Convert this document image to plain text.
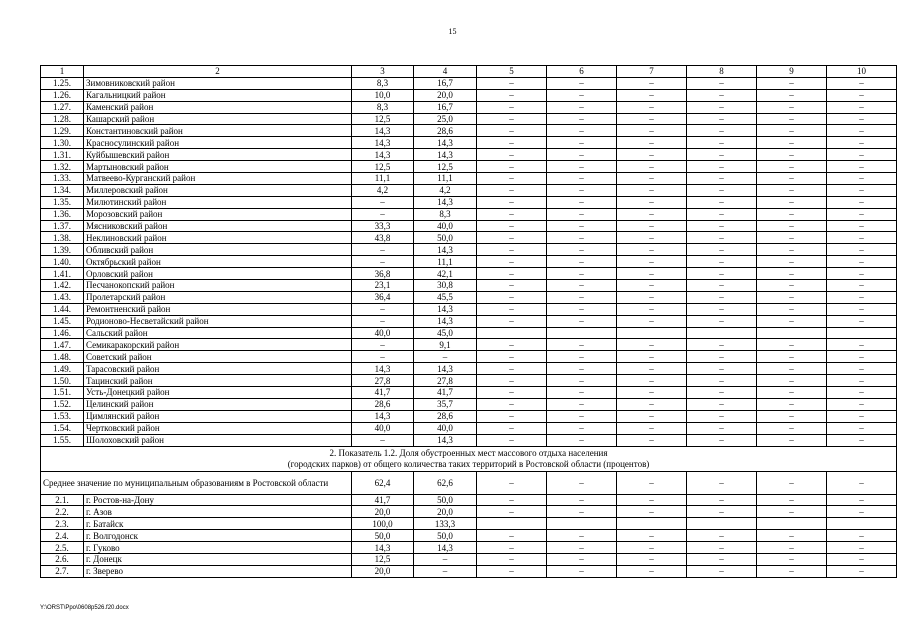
15
1	2	3	4	5	6	7	8	9	10
1.25.	Зимовниковский район	8,3	16,7	–	–	–	–	–	–
1.26.	Кагальницкий район	10,0	20,0	–	–	–	–	–	–
1.27.	Каменский район	8,3	16,7	–	–	–	–	–	–
1.28.	Кашарский район	12,5	25,0	–	–	–	–	–	–
1.29.	Константиновский район	14,3	28,6	–	–	–	–	–	–
1.30.	Красносулинский район	14,3	14,3	–	–	–	–	–	–
1.31.	Куйбышевский район	14,3	14,3	–	–	–	–	–	–
1.32.	Мартыновский район	12,5	12,5	–	–	–	–	–	–
1.33.	Матвеево-Курганский район	11,1	11,1	–	–	–	–	–	–
1.34.	Миллеровский район	4,2	4,2	–	–	–	–	–	–
1.35.	Милютинский район	–	14,3	–	–	–	–	–	–
1.36.	Морозовский район	–	8,3	–	–	–	–	–	–
1.37.	Мясниковский район	33,3	40,0	–	–	–	–	–	–
1.38.	Неклиновский район	43,8	50,0	–	–	–	–	–	–
1.39.	Обливский район	–	14,3	–	–	–	–	–	–
1.40.	Октябрьский район	–	11,1	–	–	–	–	–	–
1.41.	Орловский район	36,8	42,1	–	–	–	–	–	–
1.42.	Песчанокопский район	23,1	30,8	–	–	–	–	–	–
1.43.	Пролетарский район	36,4	45,5	–	–	–	–	–	–
1.44.	Ремонтненский район	–	14,3	–	–	–	–	–	–
1.45.	Родионово-Несветайский район	–	14,3	–	–	–	–	–	–
1.46.	Сальский район	40,0	45,0						
1.47.	Семикаракорский район	–	9,1	–	–	–	–	–	–
1.48.	Советский район	–	–	–	–	–	–	–	–
1.49.	Тарасовский район	14,3	14,3	–	–	–	–	–	–
1.50.	Тацинский район	27,8	27,8	–	–	–	–	–	–
1.51.	Усть-Донецкий район	41,7	41,7	–	–	–	–	–	–
1.52.	Целинский район	28,6	35,7	–	–	–	–	–	–
1.53.	Цимлянский район	14,3	28,6	–	–	–	–	–	–
1.54.	Чертковский район	40,0	40,0	–	–	–	–	–	–
1.55.	Шолоховский район	–	14,3	–	–	–	–	–	–

2. Показатель 1.2. Доля обустроенных мест массового отдыха населения
(городских парков) от общего количества таких территорий в Ростовской области (процентов)									

Среднее значение по муниципальным образованиям в Ростовской области		62,4	62,6	–	–	–	–	–	–
2.1.	г. Ростов-на-Дону	41,7	50,0	–	–	–	–	–	–
2.2.	г. Азов	20,0	20,0	–	–	–	–	–	–
2.3.	г. Батайск	100,0	133,3						
2.4.	г. Волгодонск	50,0	50,0	–	–	–	–	–	–
2.5.	г. Гуково	14,3	14,3	–	–	–	–	–	–
2.6.	г. Донецк	12,5	–	–	–	–	–	–	–
2.7.	г. Зверево	20,0	–	–	–	–	–	–	–
Y:\ORST\Ppo\0608p526.f20.docx
